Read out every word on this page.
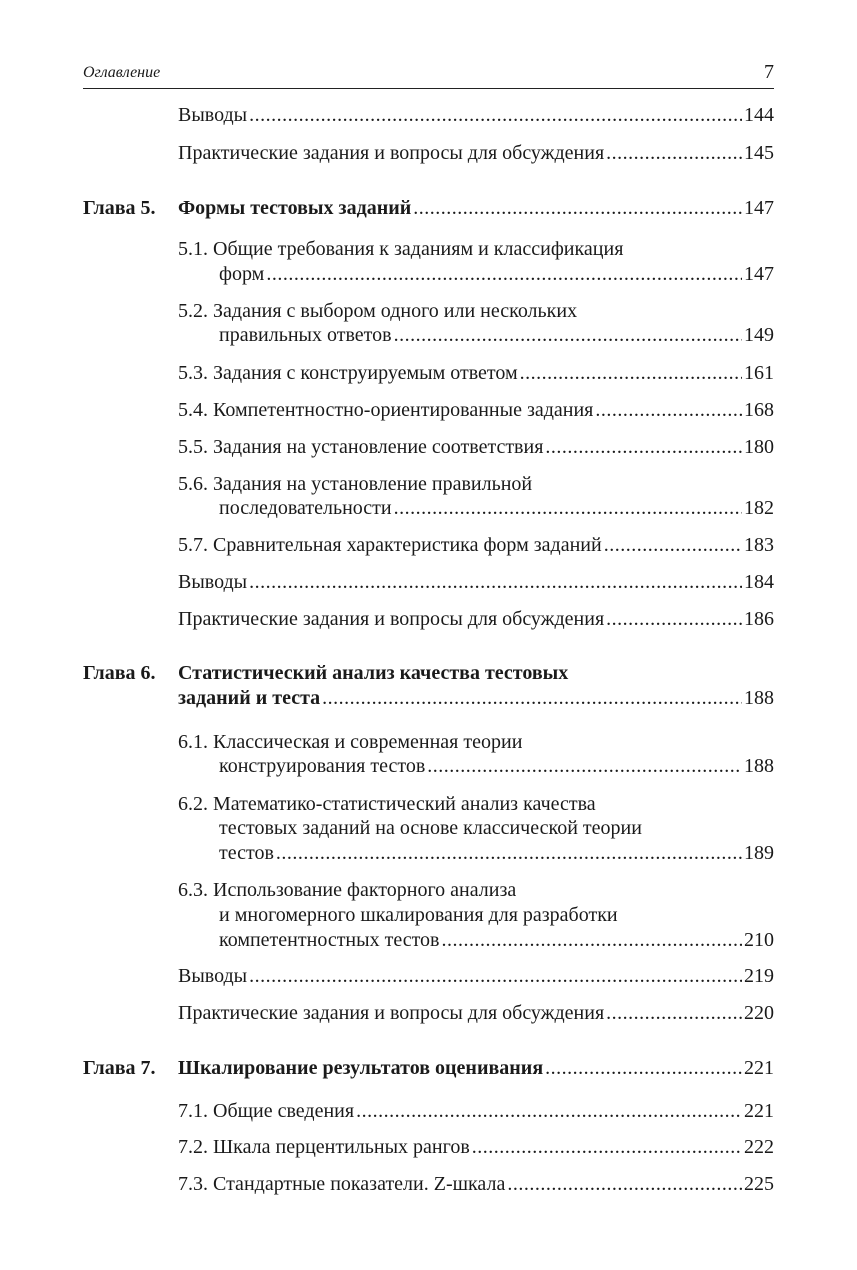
Оглавление	7
Выводы .....	144
Практические задания и вопросы для обсуждения .....	145
Глава 5. Формы тестовых заданий .....	147
5.1. Общие требования к заданиям и классификация
форм .....	147
5.2. Задания с выбором одного или нескольких
правильных ответов .....	149
5.3. Задания с конструируемым ответом .....	161
5.4. Компетентностно-ориентированные задания .....	168
5.5. Задания на установление соответствия .....	180
5.6. Задания на установление правильной
последовательности .....	182
5.7. Сравнительная характеристика форм заданий .....	183
Выводы .....	184
Практические задания и вопросы для обсуждения .....	186
Глава 6. Статистический анализ качества тестовых
заданий и теста .....	188
6.1. Классическая и современная теории
конструирования тестов .....	188
6.2. Математико-статистический анализ качества
тестовых заданий на основе классической теории
тестов .....	189
6.3. Использование факторного анализа
и многомерного шкалирования для разработки
компетентностных тестов .....	210
Выводы .....	219
Практические задания и вопросы для обсуждения .....	220
Глава 7. Шкалирование результатов оценивания .....	221
7.1. Общие сведения .....	221
7.2. Шкала перцентильных рангов .....	222
7.3. Стандартные показатели. Z-шкала .....	225
